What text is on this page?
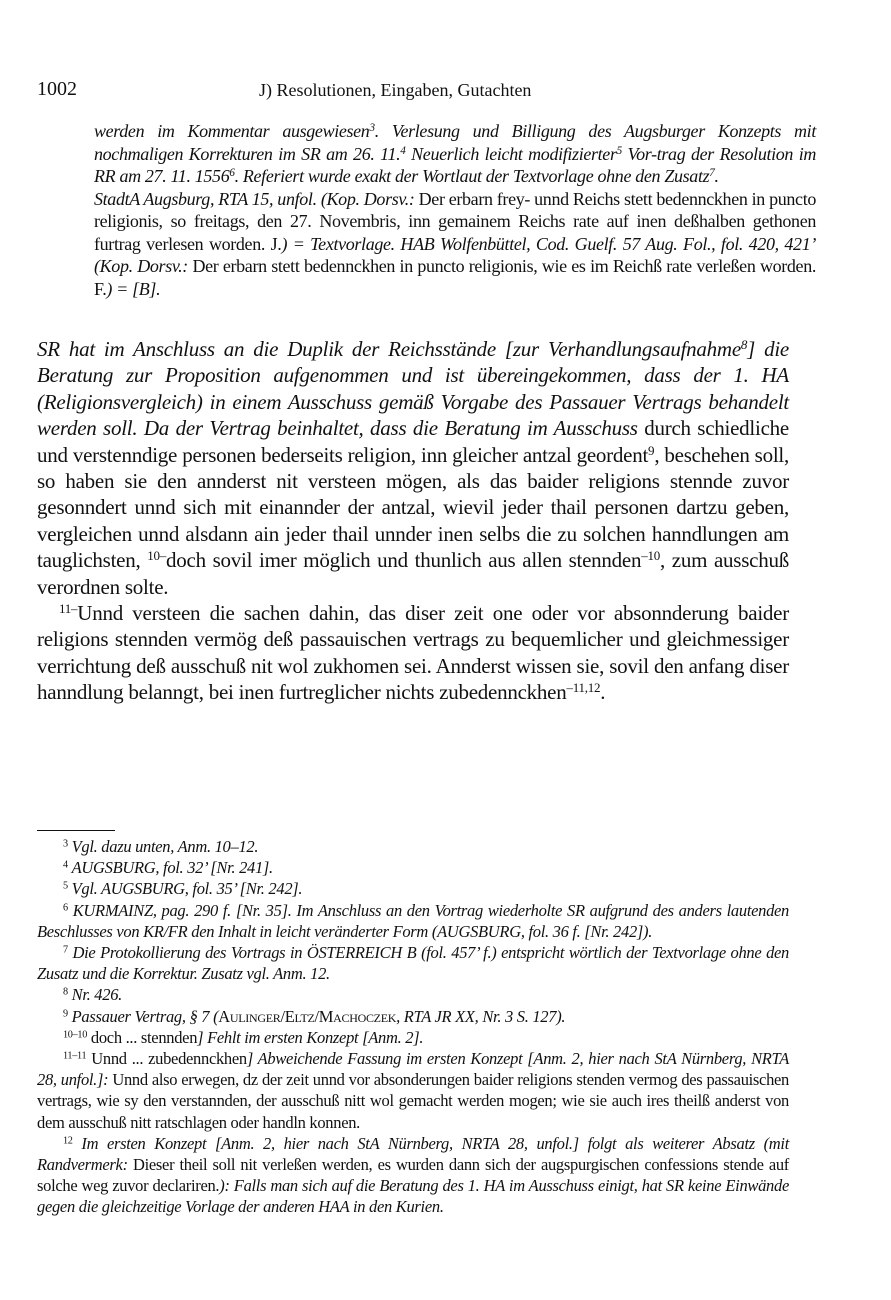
1002	J) Resolutionen, Eingaben, Gutachten

werden im Kommentar ausgewiesen$^3$. Verlesung und Billigung des Augsburger Konzepts mit nochmaligen Korrekturen im SR am 26. 11.$^4$ Neuerlich leicht modifizierter$^5$ Vor-trag der Resolution im RR am 27. 11. 1556$^6$. Referiert wurde exakt der Wortlaut der Textvorlage ohne den Zusatz$^7$.

StadtA Augsburg, RTA 15, unfol. (Kop. Dorsv.: Der erbarn frey- unnd Reichs stett bedennckhen in puncto religionis, so freitags, den 27. Novembris, inn gemainem Reichs rate auf inen deßhalben gethonen furtrag verlesen worden. J.) = Textvorlage. HAB Wolfenbüttel, Cod. Guelf. 57 Aug. Fol., fol. 420, 421’ (Kop. Dorsv.: Der erbarn stett bedennckhen in puncto religionis, wie es im Reichß rate verleßen worden. F.) = [B].

SR hat im Anschluss an die Duplik der Reichsstände [zur Verhandlungsaufnahme$^8$] die Beratung zur Proposition aufgenommen und ist übereingekommen, dass der 1. HA (Religionsvergleich) in einem Ausschuss gemäß Vorgabe des Passauer Vertrags behandelt werden soll. Da der Vertrag beinhaltet, dass die Beratung im Ausschuss durch schiedliche und verstenndige personen bederseits religion, inn gleicher antzal geordent$^9$, beschehen soll, so haben sie den annderst nit versteen mögen, als das baider religions stennde zuvor gesonndert unnd sich mit einannder der antzal, wievil jeder thail personen dartzu geben, vergleichen unnd alsdann ain jeder thail unnder inen selbs die zu solchen hanndlungen am tauglichsten, $^{10-}$doch sovil imer möglich und thunlich aus allen stennden$^{-10}$, zum ausschuß verordnen solte.

$^{11-}$Unnd versteen die sachen dahin, das diser zeit one oder vor absonnderung baider religions stennden vermög deß passauischen vertrags zu bequemlicher und gleichmessiger verrichtung deß ausschuß nit wol zukhomen sei. Annderst wissen sie, sovil den anfang diser hanndlung belanngt, bei inen furtreglicher nichts zubedennckhen$^{-11,12}$.

$^3$ Vgl. dazu unten, Anm. 10–12.

$^4$ AUGSBURG, fol. 32’ [Nr. 241].

$^5$ Vgl. AUGSBURG, fol. 35’ [Nr. 242].

$^6$ KURMAINZ, pag. 290 f. [Nr. 35]. Im Anschluss an den Vortrag wiederholte SR aufgrund des anders lautenden Beschlusses von KR/FR den Inhalt in leicht veränderter Form (AUGSBURG, fol. 36 f. [Nr. 242]).

$^7$ Die Protokollierung des Vortrags in ÖSTERREICH B (fol. 457’ f.) entspricht wörtlich der Textvorlage ohne den Zusatz und die Korrektur. Zusatz vgl. Anm. 12.

$^8$ Nr. 426.

$^9$ Passauer Vertrag, § 7 (Aulinger/Eltz/Machoczek, RTA JR XX, Nr. 3 S. 127).

$^{10-10}$ doch ... stennden] Fehlt im ersten Konzept [Anm. 2].

$^{11-11}$ Unnd ... zubedennckhen] Abweichende Fassung im ersten Konzept [Anm. 2, hier nach StA Nürnberg, NRTA 28, unfol.]: Unnd also erwegen, dz der zeit unnd vor absonderungen baider religions stenden vermog des passauischen vertrags, wie sy den verstannden, der ausschuß nitt wol gemacht werden mogen; wie sie auch ires theilß anderst von dem ausschuß nitt ratschlagen oder handln konnen.

$^{12}$ Im ersten Konzept [Anm. 2, hier nach StA Nürnberg, NRTA 28, unfol.] folgt als weiterer Absatz (mit Randvermerk: Dieser theil soll nit verleßen werden, es wurden dann sich der augspurgischen confessions stende auf solche weg zuvor declariren.): Falls man sich auf die Beratung des 1. HA im Ausschuss einigt, hat SR keine Einwände gegen die gleichzeitige Vorlage der anderen HAA in den Kurien.
